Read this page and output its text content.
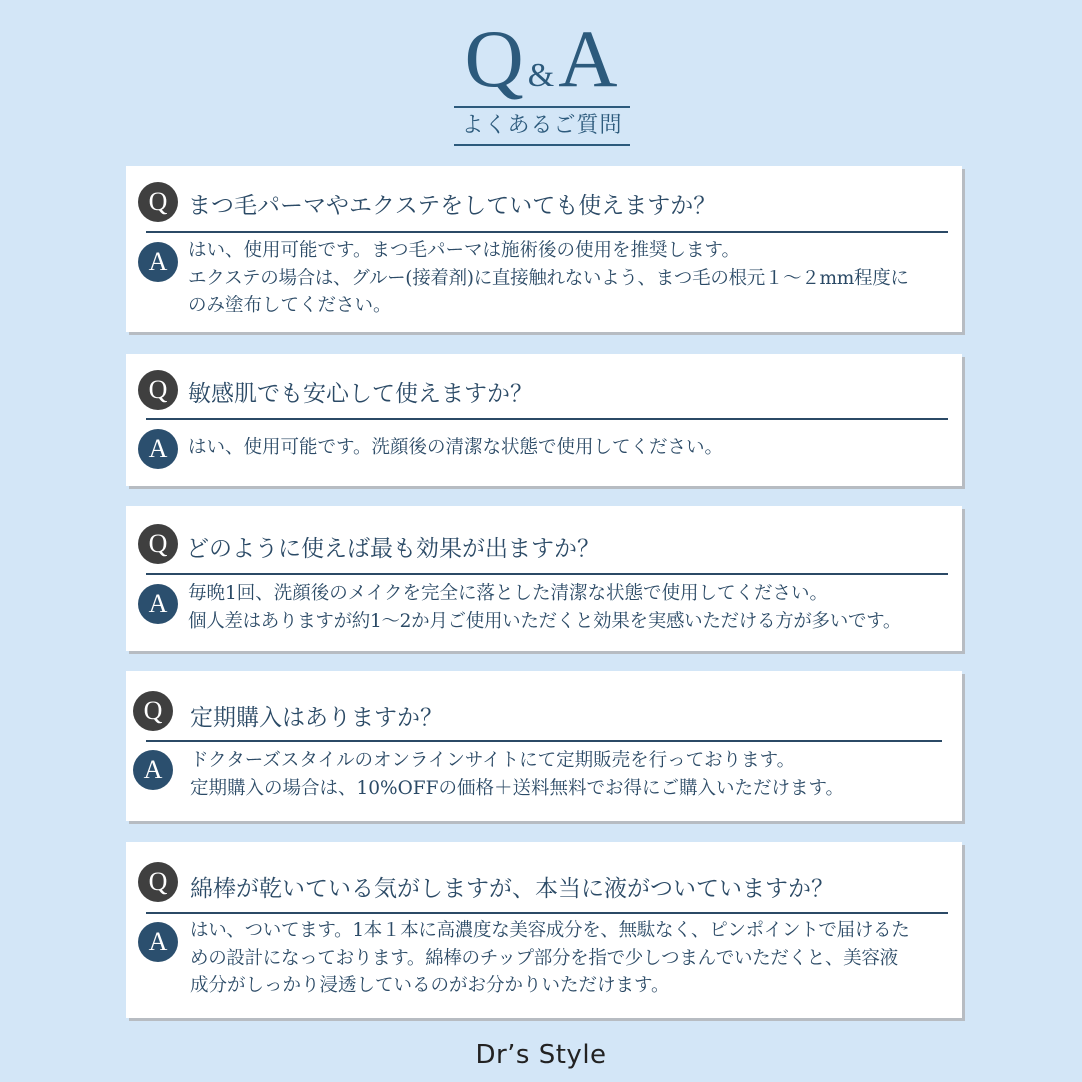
Q &A
よくあるご質問
Q まつ毛パーマやエクステをしていても使えますか？
A	はい、使用可能です。まつ毛パーマは施術後の使用を推奨します。
エクステの場合は、グルー(接着剤)に直接触れないよう、まつ毛の根元１〜２mm程度に
のみ塗布してください。
Q 敏感肌でも安心して使えますか？
A	はい、使用可能です。洗顔後の清潔な状態で使用してください。
Q どのように使えば最も効果が出ますか？
A	毎晩1回、洗顔後のメイクを完全に落とした清潔な状態で使用してください。
個人差はありますが約1〜2か月ご使用いただくと効果を実感いただける方が多いです。
Q	定期購入はありますか？
A	ドクターズスタイルのオンラインサイトにて定期販売を行っております。
定期購入の場合は、10%OFFの価格＋送料無料でお得にご購入いただけます。
Q 綿棒が乾いている気がしますが、本当に液がついていますか？
A	はい、ついてます。1本１本に高濃度な美容成分を、無駄なく、ピンポイントで届けるた
めの設計になっております。綿棒のチップ部分を指で少しつまんでいただくと、美容液
成分がしっかり浸透しているのがお分かりいただけます。
Dr’s Style
